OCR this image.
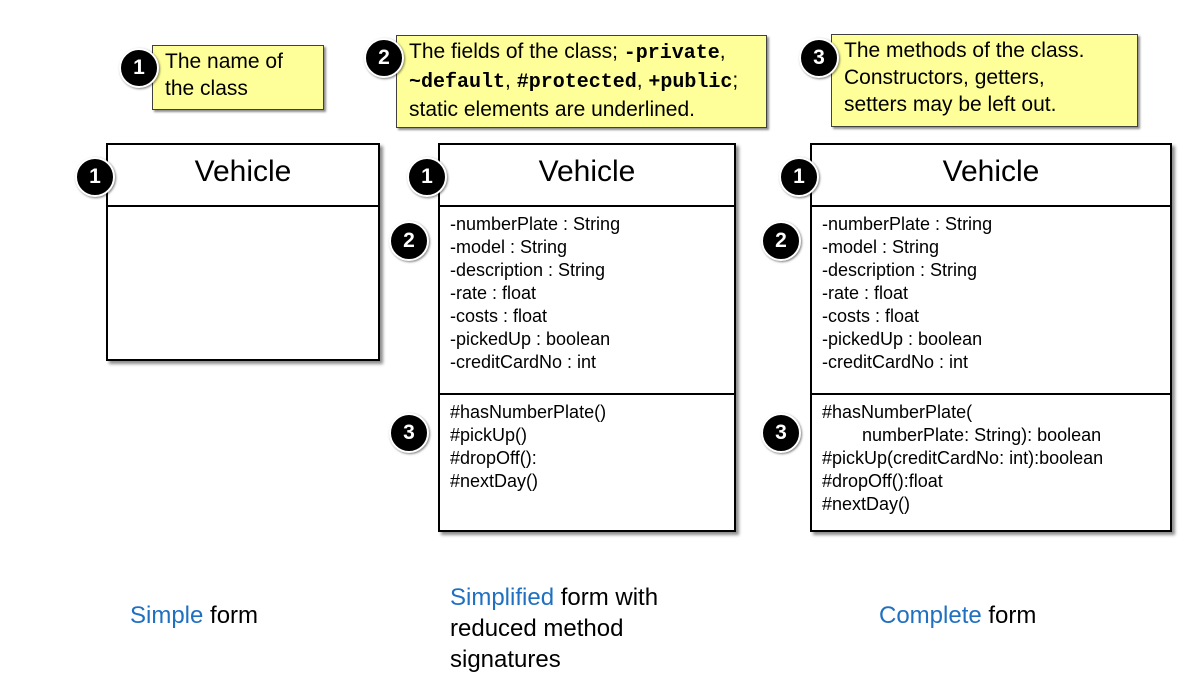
The name of
the class
1
The fields of the class; -private,
~default, #protected, +public;
static elements are underlined.
2	The methods of the class.
Constructors, getters,
setters may be left out.
3
Vehicle
1	Vehicle
-numberPlate : String
-model : String
-description : String
-rate : float
-costs : float
-pickedUp : boolean
-creditCardNo : int
#hasNumberPlate()
#pickUp()
#dropOff():
#nextDay()
1
2
3
Vehicle
-numberPlate : String
-model : String
-description : String
-rate : float
-costs : float
-pickedUp : boolean
-creditCardNo : int
#hasNumberPlate(
numberPlate: String): boolean
#pickUp(creditCardNo: int):boolean
#dropOff():float
#nextDay()
1
2
3
Simple form
Simplified form with
reduced method
signatures
Complete form
